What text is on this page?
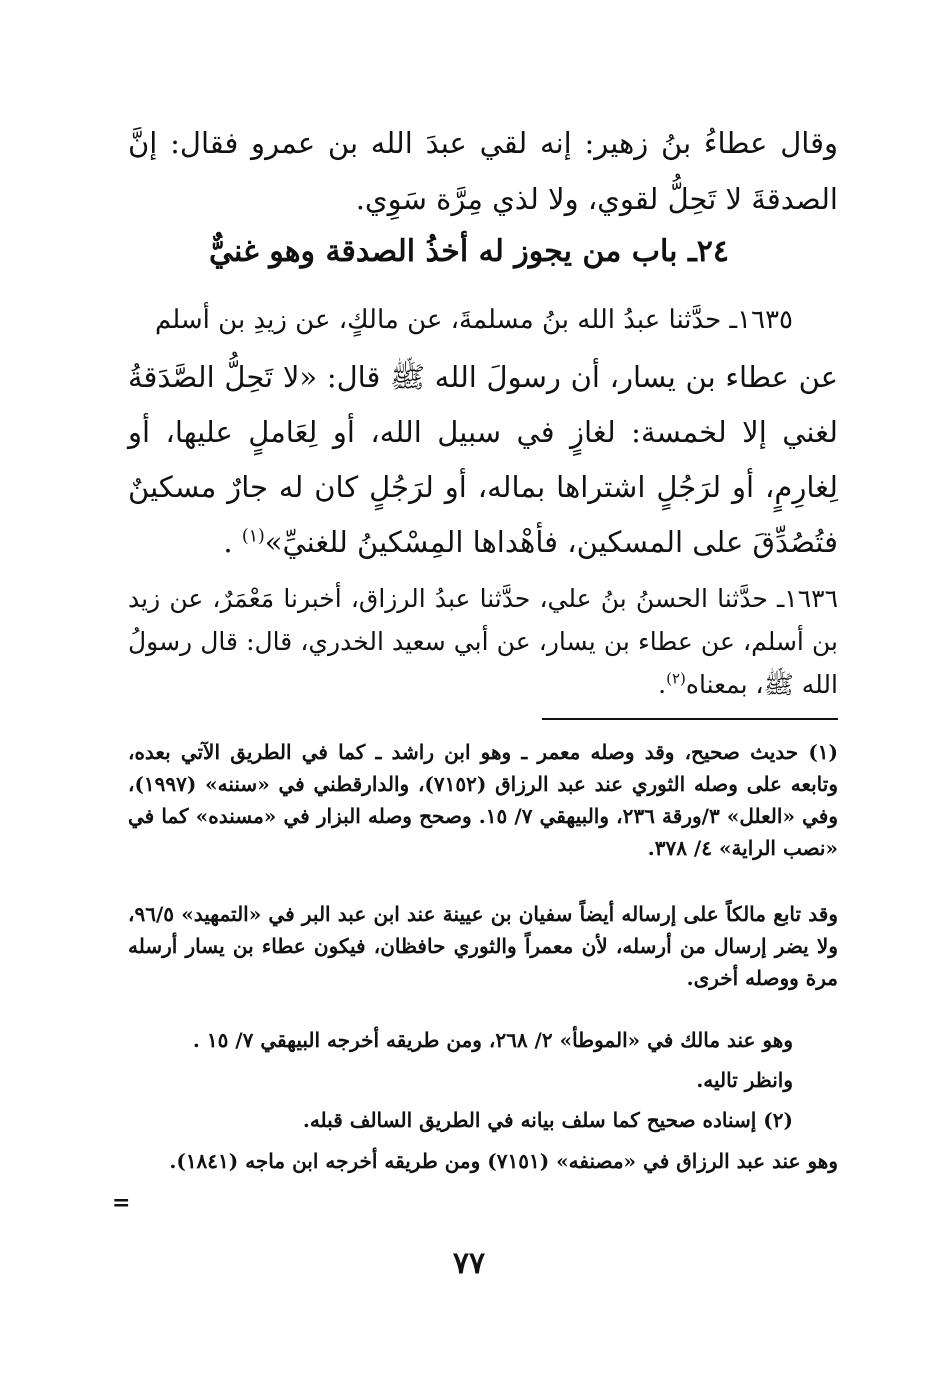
وقال عطاءُ بنُ زهير: إنه لقي عبدَ الله بن عمرو فقال: إنَّ الصدقةَ لا تَحِلُّ لقوي، ولا لذي مِرَّة سَوِي.

٢٤ـ باب من يجوز له أخذُ الصدقة وهو غنيٌّ

١٦٣٥ـ حدَّثنا عبدُ الله بنُ مسلمةَ، عن مالكٍ، عن زيدِ بن أسلم

عن عطاء بن يسار، أن رسولَ الله ﷺ قال: «لا تَحِلُّ الصَّدَقةُ لغني إلا لخمسة: لغازٍ في سبيل الله، أو لِعَاملٍ عليها، أو لِغارِمٍ، أو لرَجُلٍ اشتراها بماله، أو لرَجُلٍ كان له جارٌ مسكينٌ فتُصُدِّقَ على المسكين، فأهْداها المِسْكينُ للغنيِّ»$^{(١)}$ .

١٦٣٦ـ حدَّثنا الحسنُ بنُ علي، حدَّثنا عبدُ الرزاق، أخبرنا مَعْمَرٌ، عن زيد بن أسلم، عن عطاء بن يسار، عن أبي سعيد الخدري، قال: قال رسولُ الله ﷺ، بمعناه$^{(٢)}$.

(١) حديث صحيح، وقد وصله معمر ـ وهو ابن راشد ـ كما في الطريق الآتي بعده، وتابعه على وصله الثوري عند عبد الرزاق (٧١٥٢)، والدارقطني في «سننه» (١٩٩٧)، وفي «العلل» ٣/ورقة ٢٣٦، والبيهقي ٧/ ١٥. وصحح وصله البزار في «مسنده» كما في «نصب الراية» ٤/ ٣٧٨.

وقد تابع مالكاً على إرساله أيضاً سفيان بن عيينة عند ابن عبد البر في «التمهيد» ٩٦/٥، ولا يضر إرسال من أرسله، لأن معمراً والثوري حافظان، فيكون عطاء بن يسار أرسله مرة ووصله أخرى.

وهو عند مالك في «الموطأ» ٢/ ٢٦٨، ومن طريقه أخرجه البيهقي ٧/ ١٥ .

وانظر تاليه.

(٢) إسناده صحيح كما سلف بيانه في الطريق السالف قبله.

وهو عند عبد الرزاق في «مصنفه» (٧١٥١) ومن طريقه أخرجه ابن ماجه (١٨٤١).

=
٧٧
